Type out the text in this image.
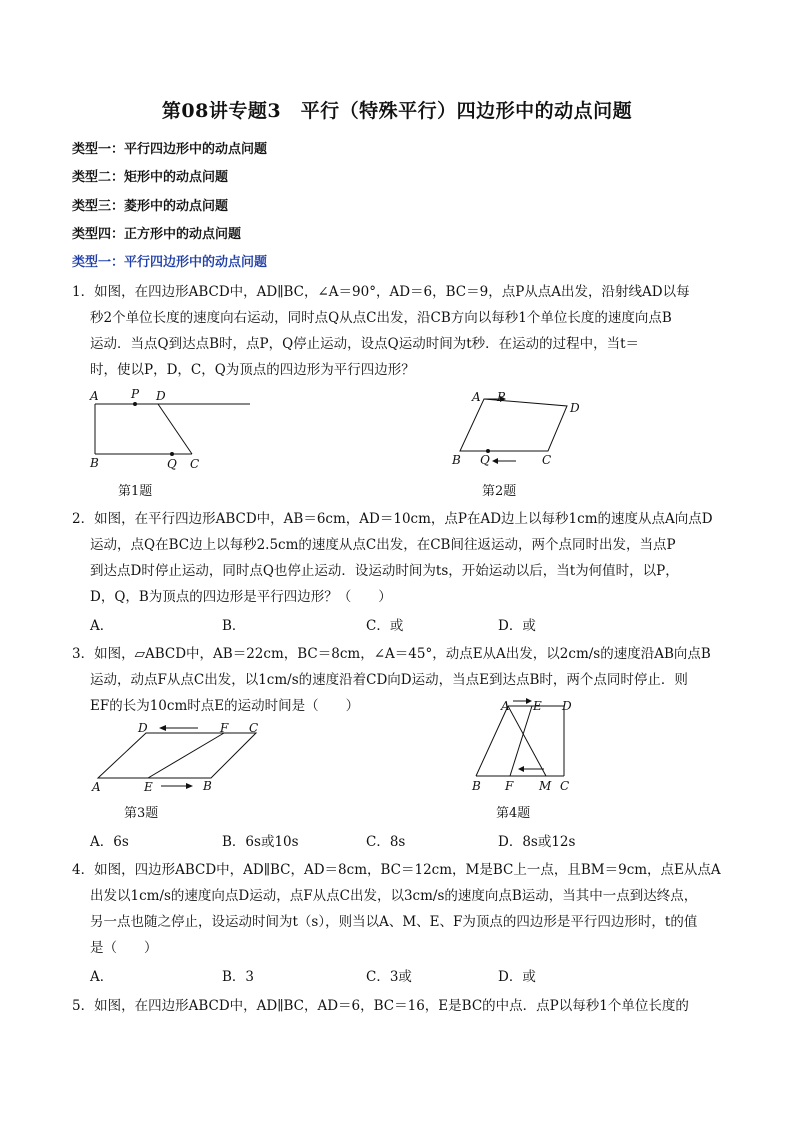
第08讲专题3　平行（特殊平行）四边形中的动点问题
类型一：平行四边形中的动点问题
类型二：矩形中的动点问题
类型三：菱形中的动点问题
类型四：正方形中的动点问题
类型一：平行四边形中的动点问题
1．如图，在四边形ABCD中，AD∥BC，∠A＝90°，AD＝6，BC＝9，点P从点A出发，沿射线AD以每
秒2个单位长度的速度向右运动，同时点Q从点C出发，沿CB方向以每秒1个单位长度的速度向点B
运动．当点Q到达点B时，点P，Q停止运动，设点Q运动时间为t秒．在运动的过程中，当t＝
时，使以P，D，C，Q为顶点的四边形为平行四边形？
A	P D
B	Q C
第1题
A P
D
B Q	C
第2题
2．如图，在平行四边形ABCD中，AB＝6cm，AD＝10cm，点P在AD边上以每秒1cm的速度从点A向点D
运动，点Q在BC边上以每秒2.5cm的速度从点C出发，在CB间往返运动，两个点同时出发，当点P
到达点D时停止运动，同时点Q也停止运动．设运动时间为ts，开始运动以后，当t为何值时，以P，
D，Q，B为顶点的四边形是平行四边形？（　　）
A．	B．	C．或	D．或
3．如图，▱ABCD中，AB＝22cm，BC＝8cm，∠A＝45°，动点E从A出发，以2cm/s的速度沿AB向点B
运动，动点F从点C出发，以1cm/s的速度沿着CD向D运动，当点E到达点B时，两个点同时停止．则
EF的长为10cm时点E的运动时间是（　　）
D	F C
A	E	B
第3题
A E D
B F M C
第4题
A．6s	B．6s或10s	C．8s	D．8s或12s
4．如图，四边形ABCD中，AD∥BC，AD＝8cm，BC＝12cm，M是BC上一点，且BM＝9cm，点E从点A
出发以1cm/s的速度向点D运动，点F从点C出发，以3cm/s的速度向点B运动，当其中一点到达终点，
另一点也随之停止，设运动时间为t（s），则当以A、M、E、F为顶点的四边形是平行四边形时，t的值
是（　　）
A．	B．3	C．3或	D．或
5．如图，在四边形ABCD中，AD∥BC，AD＝6，BC＝16，E是BC的中点．点P以每秒1个单位长度的
